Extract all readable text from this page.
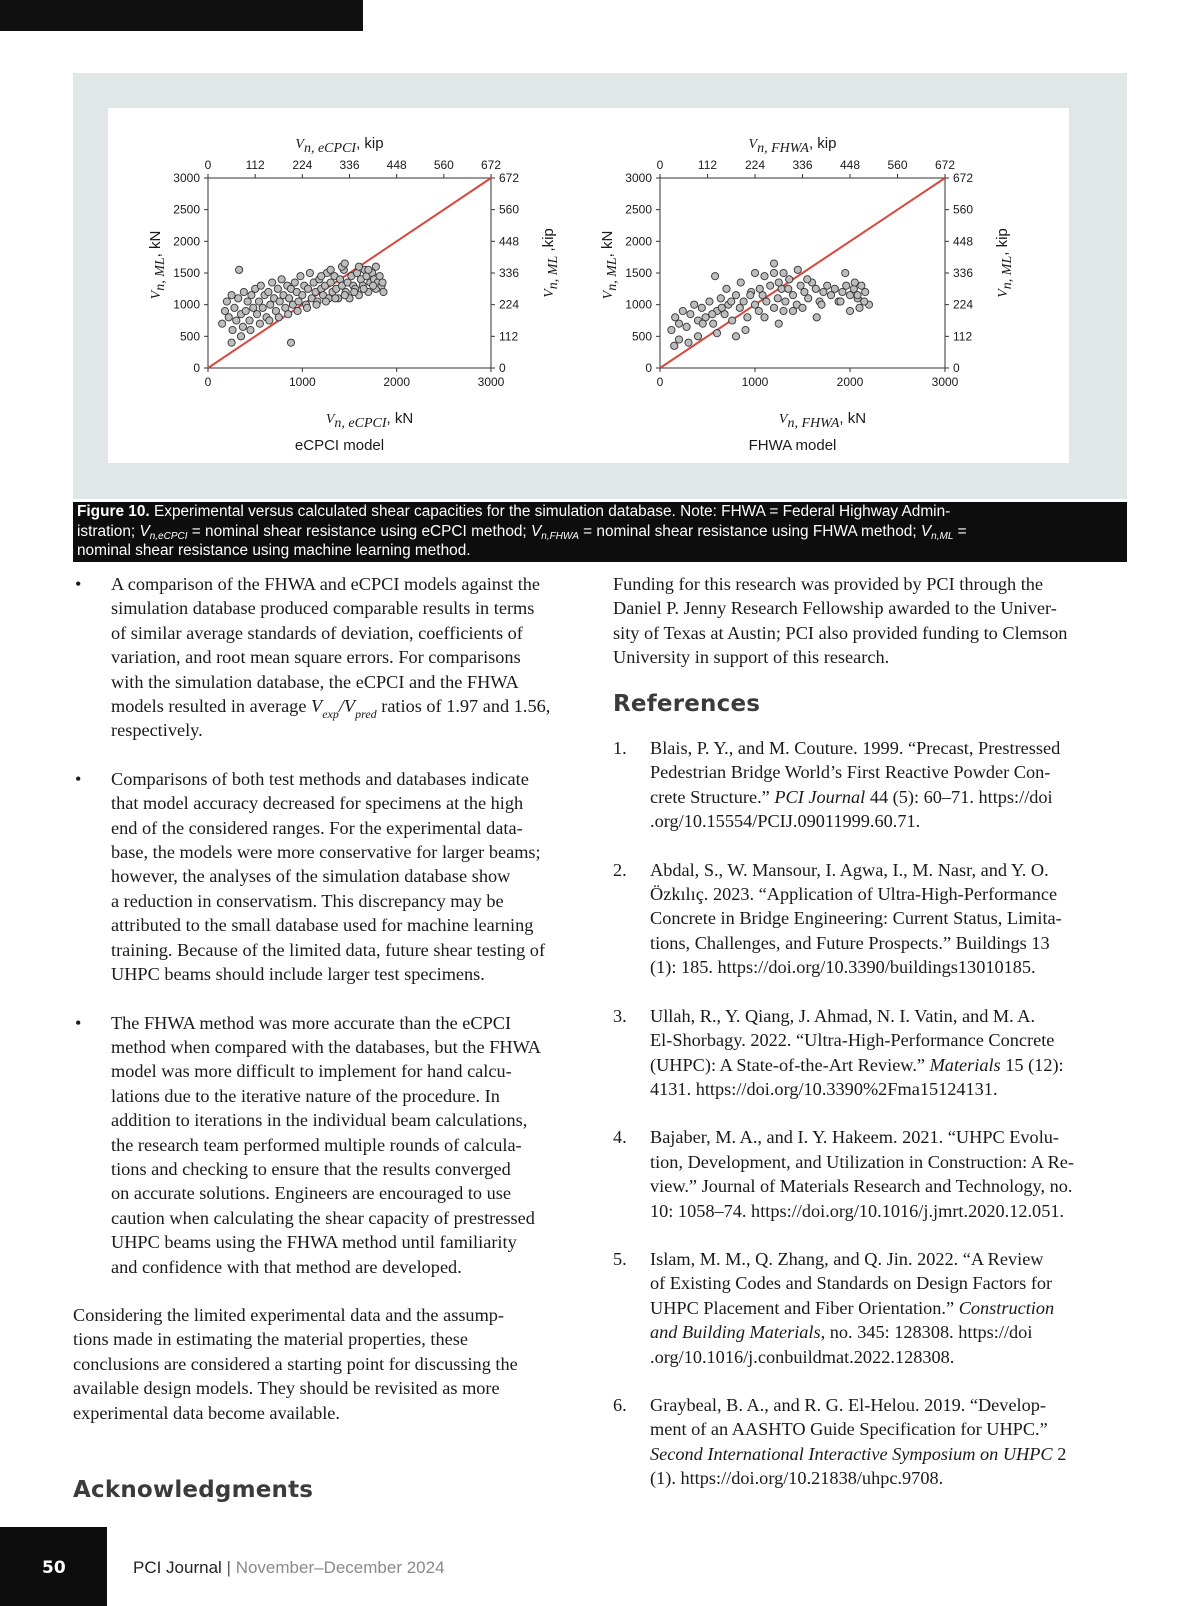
0	1000	2000	3000
0	112 224 336 448 560 672
0
500
1000
1500
2000
2500
3000
0
112
224
336
448
560
672
Vn, eCPCI, kip
Vn, eCPCI, kN
Vn, ML, kN
Vn, ML ,kip
eCPCI model
0	1000	2000	3000
0	112 224 336 448 560 672
0
500
1000
1500
2000
2500
3000
0
112
224
336
448
560
672
Vn, FHWA, kip
Vn, FHWA, kN
Vn, ML, kN
Vn, ML, kip
FHWA model
Figure 10. Experimental versus calculated shear capacities for the simulation database. Note: FHWA = Federal Highway Admin-
istration; $V_{n,eCPCI}$ = nominal shear resistance using eCPCI method; $V_{n,FHWA}$ = nominal shear resistance using FHWA method; $V_{n,ML}$ =
nominal shear resistance using machine learning method.
• A comparison of the FHWA and eCPCI models against the
simulation database produced comparable results in terms
of similar average standards of deviation, coefficients of
variation, and root mean square errors. For comparisons
with the simulation database, the eCPCI and the FHWA
models resulted in average $V_{exp}/V_{pred}$ ratios of 1.97 and 1.56,
respectively.
• Comparisons of both test methods and databases indicate
that model accuracy decreased for specimens at the high
end of the considered ranges. For the experimental data-
base, the models were more conservative for larger beams;
however, the analyses of the simulation database show
a reduction in conservatism. This discrepancy may be
attributed to the small database used for machine learning
training. Because of the limited data, future shear testing of
UHPC beams should include larger test specimens.
• The FHWA method was more accurate than the eCPCI
method when compared with the databases, but the FHWA
model was more difficult to implement for hand calcu-
lations due to the iterative nature of the procedure. In
addition to iterations in the individual beam calculations,
the research team performed multiple rounds of calcula-
tions and checking to ensure that the results converged
on accurate solutions. Engineers are encouraged to use
caution when calculating the shear capacity of prestressed
UHPC beams using the FHWA method until familiarity
and confidence with that method are developed.
Considering the limited experimental data and the assump-
tions made in estimating the material properties, these
conclusions are considered a starting point for discussing the
available design models. They should be revisited as more
experimental data become available.
Acknowledgments
Funding for this research was provided by PCI through the
Daniel P. Jenny Research Fellowship awarded to the Univer-
sity of Texas at Austin; PCI also provided funding to Clemson
University in support of this research.
References
1. Blais, P. Y., and M. Couture. 1999. “Precast, Prestressed
Pedestrian Bridge World’s First Reactive Powder Con-
crete Structure.” PCI Journal 44 (5): 60–71. https://doi
.org/10.15554/PCIJ.09011999.60.71.
2. Abdal, S., W. Mansour, I. Agwa, I., M. Nasr, and Y. O.
Özkılıç. 2023. “Application of Ultra-High-Performance
Concrete in Bridge Engineering: Current Status, Limita-
tions, Challenges, and Future Prospects.” Buildings 13
(1): 185. https://doi.org/10.3390/buildings13010185.
3. Ullah, R., Y. Qiang, J. Ahmad, N. I. Vatin, and M. A.
El-Shorbagy. 2022. “Ultra-High-Performance Concrete
(UHPC): A State-of-the-Art Review.” Materials 15 (12):
4131. https://doi.org/10.3390%2Fma15124131.
4. Bajaber, M. A., and I. Y. Hakeem. 2021. “UHPC Evolu-
tion, Development, and Utilization in Construction: A Re-
view.” Journal of Materials Research and Technology, no.
10: 1058–74. https://doi.org/10.1016/j.jmrt.2020.12.051.
5. Islam, M. M., Q. Zhang, and Q. Jin. 2022. “A Review
of Existing Codes and Standards on Design Factors for
UHPC Placement and Fiber Orientation.” Construction
and Building Materials, no. 345: 128308. https://doi
.org/10.1016/j.conbuildmat.2022.128308.
6. Graybeal, B. A., and R. G. El-Helou. 2019. “Develop-
ment of an AASHTO Guide Specification for UHPC.”
Second International Interactive Symposium on UHPC 2
(1). https://doi.org/10.21838/uhpc.9708.
50	PCI Journal | November–December 2024
